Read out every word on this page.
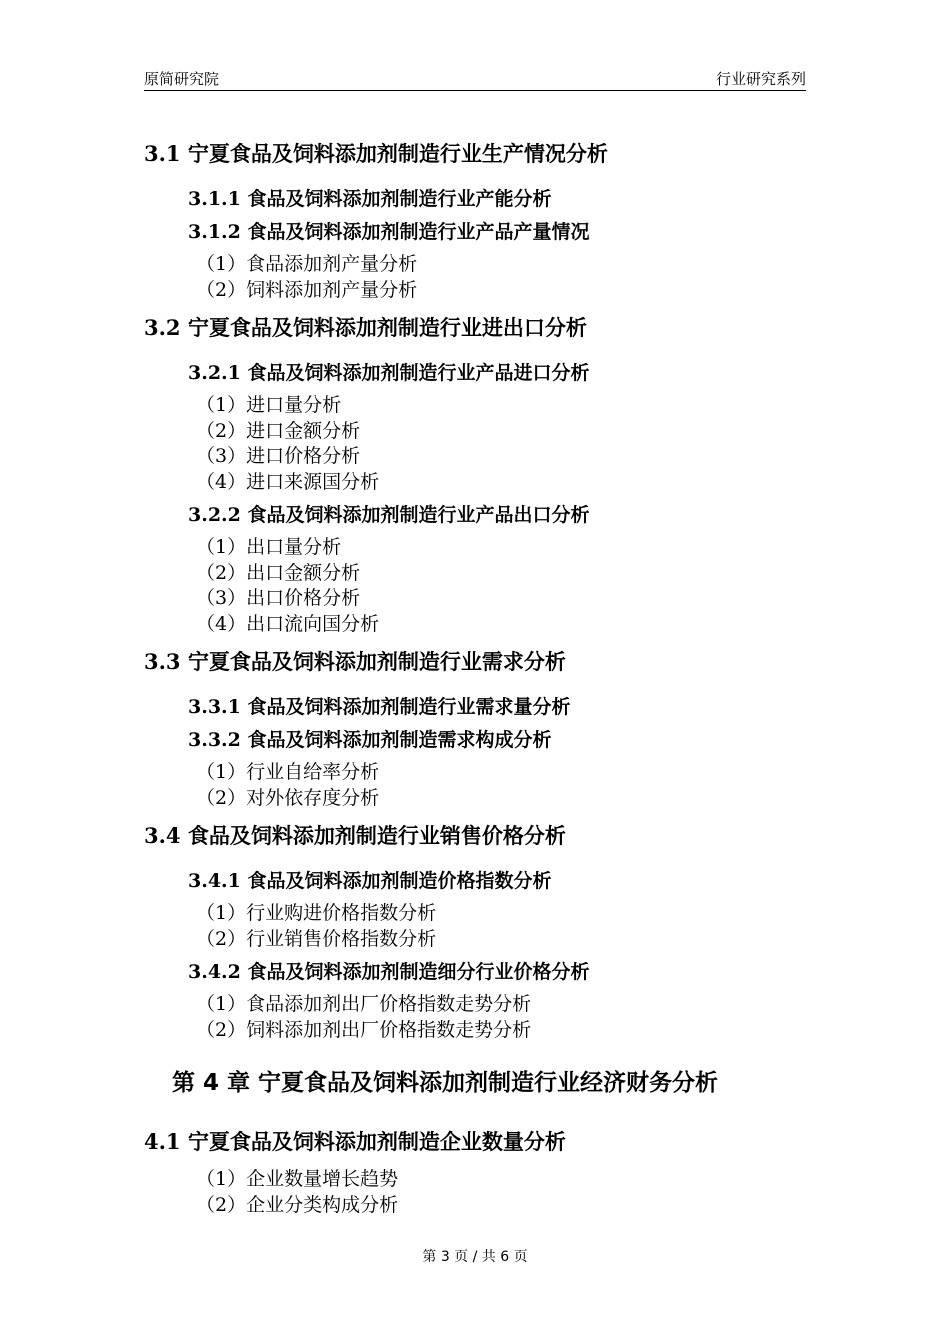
原简研究院	行业研究系列
3.1 宁夏食品及饲料添加剂制造行业生产情况分析
3.1.1 食品及饲料添加剂制造行业产能分析
3.1.2 食品及饲料添加剂制造行业产品产量情况
（1）食品添加剂产量分析
（2）饲料添加剂产量分析
3.2 宁夏食品及饲料添加剂制造行业进出口分析
3.2.1 食品及饲料添加剂制造行业产品进口分析
（1）进口量分析
（2）进口金额分析
（3）进口价格分析
（4）进口来源国分析
3.2.2 食品及饲料添加剂制造行业产品出口分析
（1）出口量分析
（2）出口金额分析
（3）出口价格分析
（4）出口流向国分析
3.3 宁夏食品及饲料添加剂制造行业需求分析
3.3.1 食品及饲料添加剂制造行业需求量分析
3.3.2 食品及饲料添加剂制造需求构成分析
（1）行业自给率分析
（2）对外依存度分析
3.4 食品及饲料添加剂制造行业销售价格分析
3.4.1 食品及饲料添加剂制造价格指数分析
（1）行业购进价格指数分析
（2）行业销售价格指数分析
3.4.2 食品及饲料添加剂制造细分行业价格分析
（1）食品添加剂出厂价格指数走势分析
（2）饲料添加剂出厂价格指数走势分析
第 4 章 宁夏食品及饲料添加剂制造行业经济财务分析
4.1 宁夏食品及饲料添加剂制造企业数量分析
（1）企业数量增长趋势
（2）企业分类构成分析
第 3 页 / 共 6 页
